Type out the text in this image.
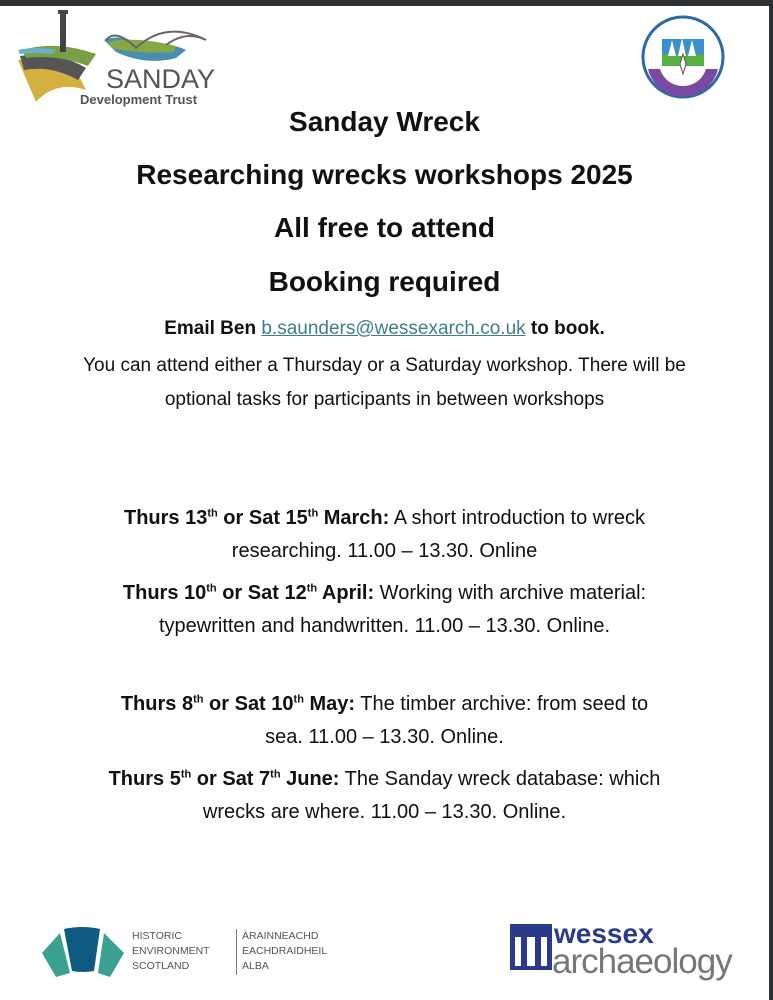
SANDAY
Development Trust
Sanday Wreck
Researching wrecks workshops 2025
All free to attend
Booking required
Email Ben b.saunders@wessexarch.co.uk to book.
You can attend either a Thursday or a Saturday workshop. There will be optional tasks for participants in between workshops
Thurs 13th or Sat 15th March: A short introduction to wreck researching. 11.00 – 13.30. Online
Thurs 10th or Sat 12th April: Working with archive material: typewritten and handwritten. 11.00 – 13.30. Online.
Thurs 8th or Sat 10th May: The timber archive: from seed to sea. 11.00 – 13.30. Online.
Thurs 5th or Sat 7th June: The Sanday wreck database: which wrecks are where. 11.00 – 13.30. Online.
HISTORIC
ENVIRONMENT
SCOTLAND
ÀRAINNEACHD
EACHDRAIDHEIL
ALBA
wessex
archaeology
